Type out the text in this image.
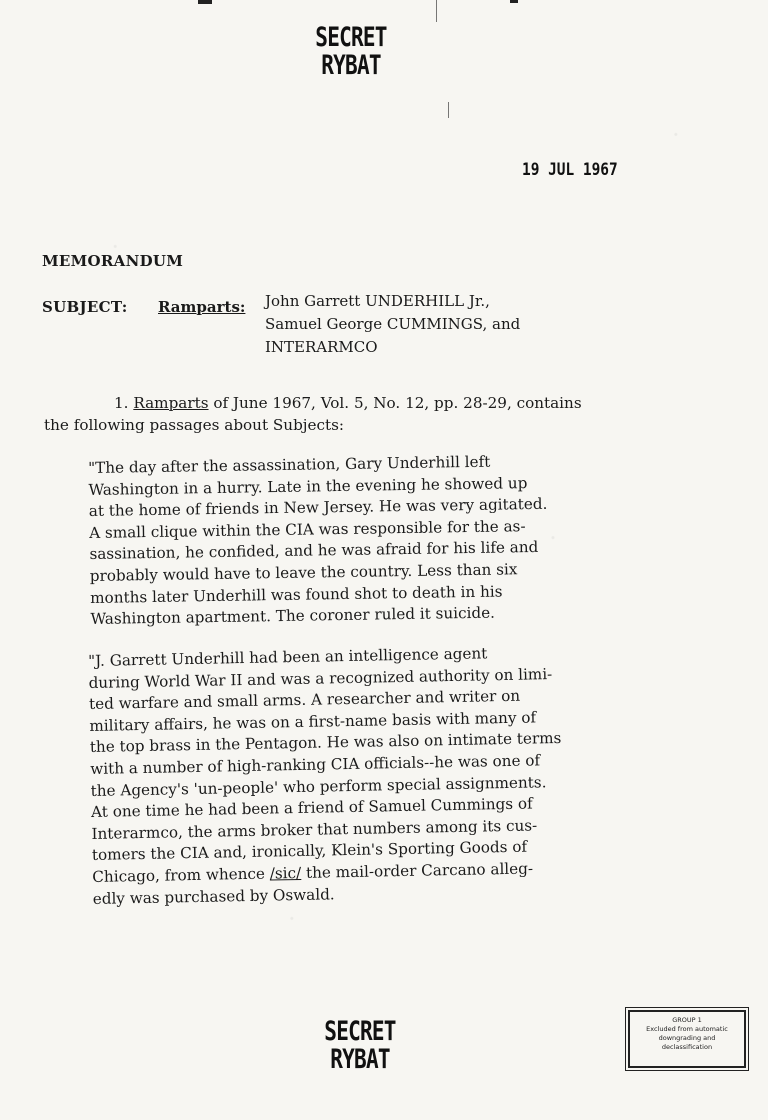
SECRET
RYBAT
19 JUL 1967
MEMORANDUM
SUBJECT: Ramparts: John Garrett UNDERHILL Jr.,
Samuel George CUMMINGS, and
INTERARMCO
1. Ramparts of June 1967, Vol. 5, No. 12, pp. 28-29, contains
the following passages about Subjects:
"The day after the assassination, Gary Underhill left
Washington in a hurry. Late in the evening he showed up
at the home of friends in New Jersey. He was very agitated.
A small clique within the CIA was responsible for the as-
sassination, he confided, and he was afraid for his life and
probably would have to leave the country. Less than six
months later Underhill was found shot to death in his
Washington apartment. The coroner ruled it suicide.
"J. Garrett Underhill had been an intelligence agent
during World War II and was a recognized authority on limi-
ted warfare and small arms. A researcher and writer on
military affairs, he was on a first-name basis with many of
the top brass in the Pentagon. He was also on intimate terms
with a number of high-ranking CIA officials--he was one of
the Agency's 'un-people' who perform special assignments.
At one time he had been a friend of Samuel Cummings of
Interarmco, the arms broker that numbers among its cus-
tomers the CIA and, ironically, Klein's Sporting Goods of
Chicago, from whence /sic/ the mail-order Carcano alleg-
edly was purchased by Oswald.
SECRET
RYBAT
GROUP 1
Excluded from automatic
downgrading and
declassification
